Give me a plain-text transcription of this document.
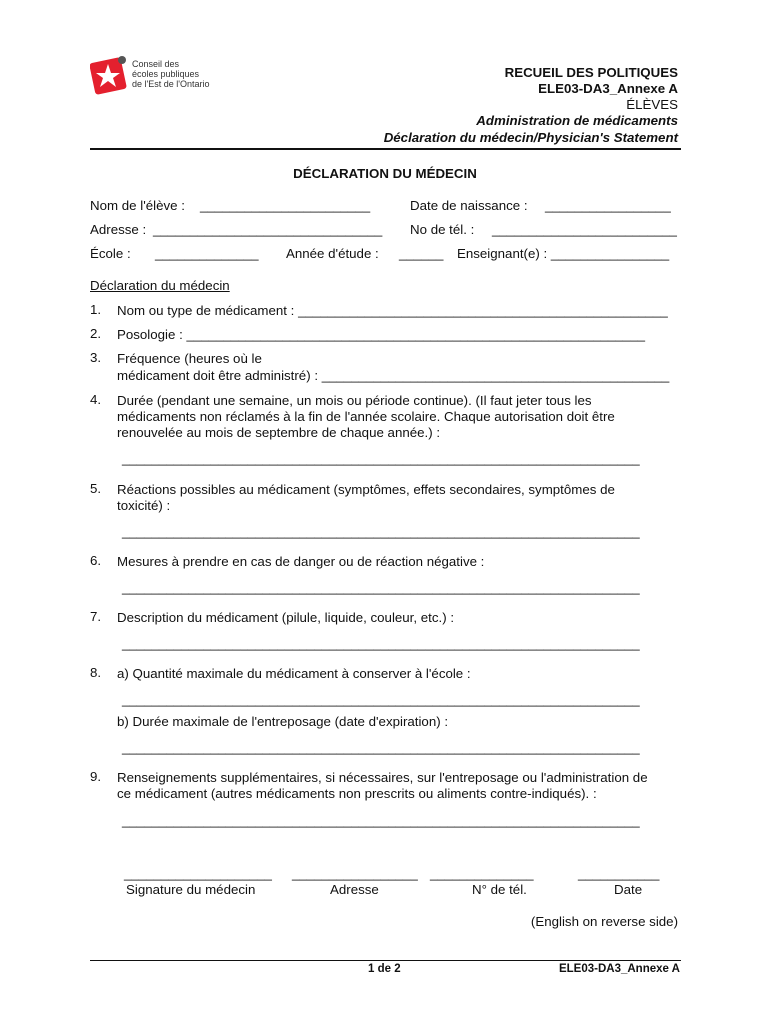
Conseil des
écoles publiques
de l'Est de l'Ontario
RECUEIL DES POLITIQUES
ELE03-DA3_Annexe A
ÉLÈVES
Administration de médicaments
Déclaration du médecin/Physician's Statement
DÉCLARATION DU MÉDECIN
Nom de l'élève : _______________________	Date de naissance : _________________
Adresse : _______________________________ No de tél. : _________________________
École : ______________ Année d'étude : ______ Enseignant(e) : ________________
Déclaration du médecin
1. Nom ou type de médicament : __________________________________________________
2. Posologie : ______________________________________________________________
3. Fréquence (heures où le
médicament doit être administré) : _______________________________________________
4. Durée (pendant une semaine, un mois ou période continue). (Il faut jeter tous les
médicaments non réclamés à la fin de l'année scolaire. Chaque autorisation doit être
renouvelée au mois de septembre de chaque année.) :
______________________________________________________________________
5. Réactions possibles au médicament (symptômes, effets secondaires, symptômes de
toxicité) :
______________________________________________________________________
6. Mesures à prendre en cas de danger ou de réaction négative :
______________________________________________________________________
7. Description du médicament (pilule, liquide, couleur, etc.) :
______________________________________________________________________
8. a) Quantité maximale du médicament à conserver à l'école :
______________________________________________________________________
b) Durée maximale de l'entreposage (date d'expiration) :
______________________________________________________________________
9. Renseignements supplémentaires, si nécessaires, sur l'entreposage ou l'administration de
ce médicament (autres médicaments non prescrits ou aliments contre-indiqués). :
______________________________________________________________________
____________________
Signature du médecin
_________________
Adresse
______________
N° de tél.
___________
Date
(English on reverse side)
1 de 2	ELE03-DA3_Annexe A
